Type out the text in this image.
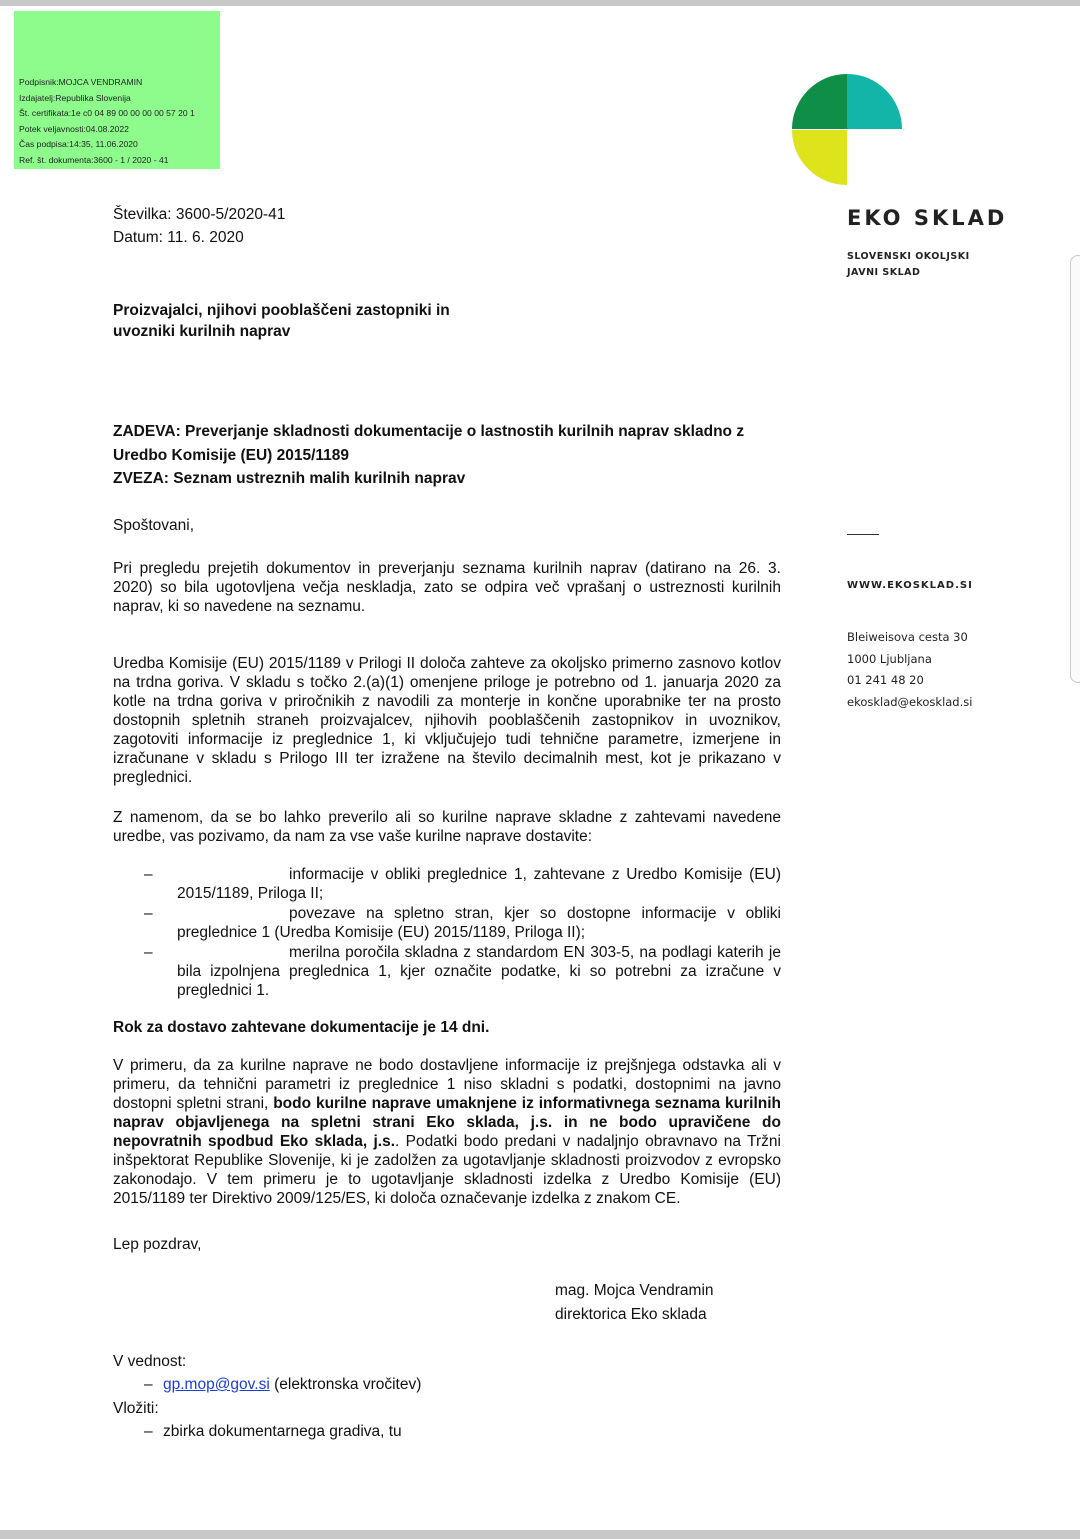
Podpisnik:MOJCA VENDRAMIN
Izdajatelj:Republika Slovenija
Št. certifikata:1e c0 04 89 00 00 00 00 57 20 1
Potek veljavnosti:04.08.2022
Čas podpisa:14:35, 11.06.2020
Ref. št. dokumenta:3600 - 1 / 2020 - 41
EKO SKLAD
SLOVENSKI OKOLJSKI
JAVNI SKLAD
WWW.EKOSKLAD.SI
Bleiweisova cesta 30
1000 Ljubljana
01 241 48 20
ekosklad@ekosklad.si
Številka: 3600-5/2020-41
Datum: 11. 6. 2020
Proizvajalci, njihovi pooblaščeni zastopniki in
uvozniki kurilnih naprav
ZADEVA: Preverjanje skladnosti dokumentacije o lastnostih kurilnih naprav skladno z
Uredbo Komisije (EU) 2015/1189
ZVEZA: Seznam ustreznih malih kurilnih naprav
Spoštovani,
Pri pregledu prejetih dokumentov in preverjanju seznama kurilnih naprav (datirano na 26. 3. 2020) so bila ugotovljena večja neskladja, zato se odpira več vprašanj o ustreznosti kurilnih naprav, ki so navedene na seznamu.
Uredba Komisije (EU) 2015/1189 v Prilogi II določa zahteve za okoljsko primerno zasnovo kotlov na trdna goriva. V skladu s točko 2.(a)(1) omenjene priloge je potrebno od 1. januarja 2020 za kotle na trdna goriva v priročnikih z navodili za monterje in končne uporabnike ter na prosto dostopnih spletnih straneh proizvajalcev, njihovih pooblaščenih zastopnikov in uvoznikov, zagotoviti informacije iz preglednice 1, ki vključujejo tudi tehnične parametre, izmerjene in izračunane v skladu s Prilogo III ter izražene na število decimalnih mest, kot je prikazano v preglednici.
Z namenom, da se bo lahko preverilo ali so kurilne naprave skladne z zahtevami navedene uredbe, vas pozivamo, da nam za vse vaše kurilne naprave dostavite:
–	informacije v obliki preglednice 1, zahtevane z Uredbo Komisije (EU) 2015/1189, Priloga II;
–	povezave na spletno stran, kjer so dostopne informacije v obliki preglednice 1 (Uredba Komisije (EU) 2015/1189, Priloga II);
–	merilna poročila skladna z standardom EN 303-5, na podlagi katerih je bila izpolnjena preglednica 1, kjer označite podatke, ki so potrebni za izračune v preglednici 1.
Rok za dostavo zahtevane dokumentacije je 14 dni.
V primeru, da za kurilne naprave ne bodo dostavljene informacije iz prejšnjega odstavka ali v primeru, da tehnični parametri iz preglednice 1 niso skladni s podatki, dostopnimi na javno dostopni spletni strani, bodo kurilne naprave umaknjene iz informativnega seznama kurilnih naprav objavljenega na spletni strani Eko sklada, j.s. in ne bodo upravičene do nepovratnih spodbud Eko sklada, j.s.. Podatki bodo predani v nadaljnjo obravnavo na Tržni inšpektorat Republike Slovenije, ki je zadolžen za ugotavljanje skladnosti proizvodov z evropsko zakonodajo. V tem primeru je to ugotavljanje skladnosti izdelka z Uredbo Komisije (EU) 2015/1189 ter Direktivo 2009/125/ES, ki določa označevanje izdelka z znakom CE.
Lep pozdrav,
mag. Mojca Vendramin
direktorica Eko sklada
V vednost:
– gp.mop@gov.si (elektronska vročitev)
Vložiti:
– zbirka dokumentarnega gradiva, tu
